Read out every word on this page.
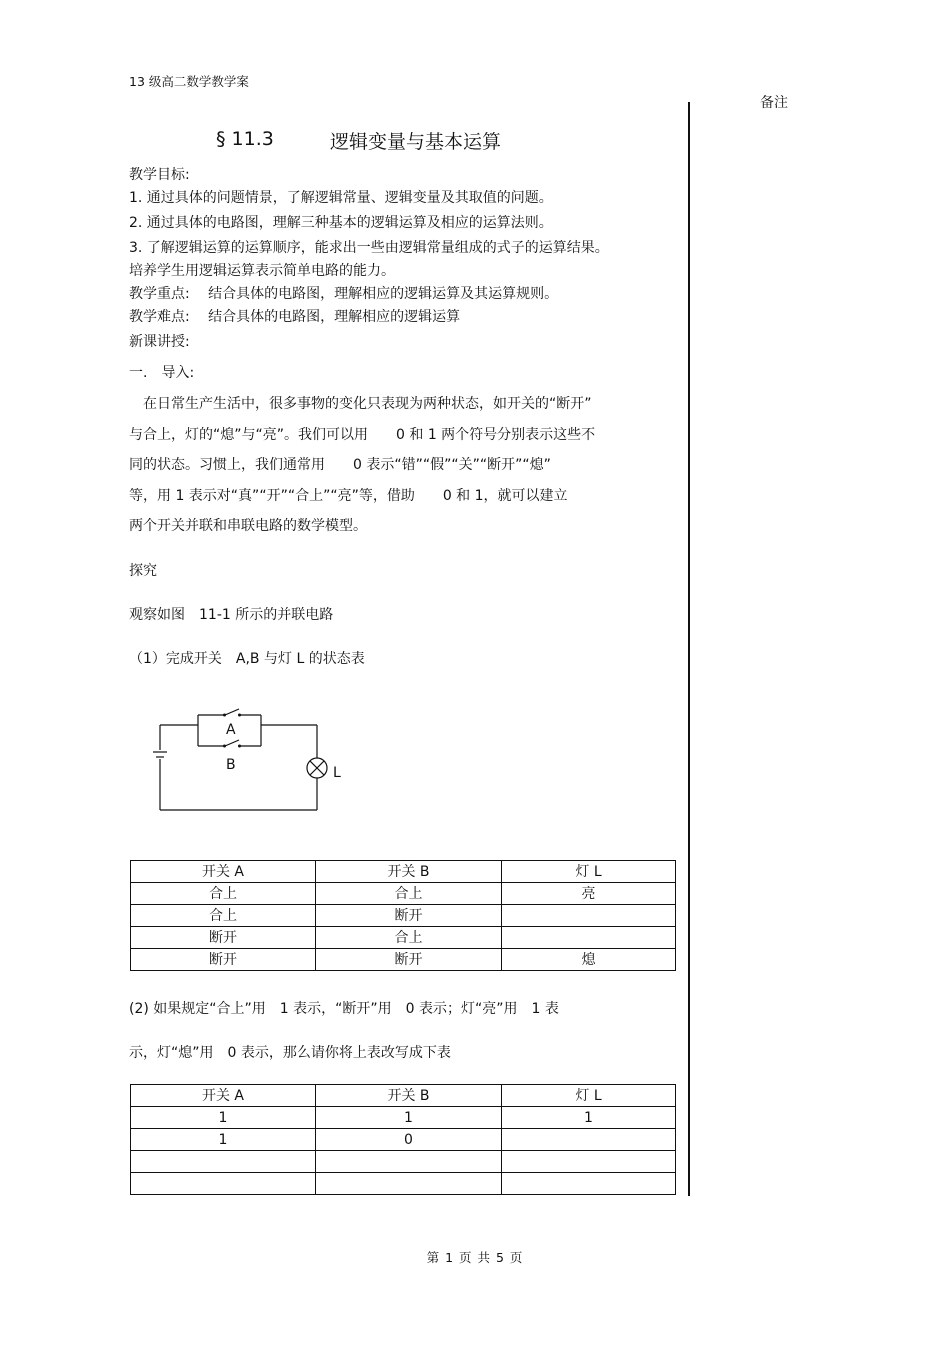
13 级高二数学教学案
备注
§ 11.3	逻辑变量与基本运算
教学目标:
1. 通过具体的问题情景，了解逻辑常量、逻辑变量及其取值的问题。
2. 通过具体的电路图，理解三种基本的逻辑运算及相应的运算法则。
3. 了解逻辑运算的运算顺序，能求出一些由逻辑常量组成的式子的运算结果。
培养学生用逻辑运算表示简单电路的能力。
教学重点:　 结合具体的电路图，理解相应的逻辑运算及其运算规则。
教学难点:　 结合具体的电路图，理解相应的逻辑运算
新课讲授:
一.　导入:
　在日常生产生活中，很多事物的变化只表现为两种状态，如开关的“断开”
与合上，灯的“熄”与“亮”。我们可以用　　0 和 1 两个符号分别表示这些不
同的状态。习惯上，我们通常用　　0 表示“错”“假”“关”“断开”“熄”
等，用 1 表示对“真”“开”“合上”“亮”等，借助　　0 和 1，就可以建立
两个开关并联和串联电路的数学模型。
探究
观察如图　11-1 所示的并联电路
（1）完成开关　A,B 与灯 L 的状态表
A
B	L
开关 A	开关 B	灯 L
合上	合上	亮
合上	断开	
断开	合上	
断开	断开	熄
(2) 如果规定“合上”用　1 表示，“断开”用　0 表示；灯“亮”用　1 表
示，灯“熄”用　0 表示，那么请你将上表改写成下表
开关 A	开关 B	灯 L
1	1	1
1	0	

第 1 页 共 5 页
